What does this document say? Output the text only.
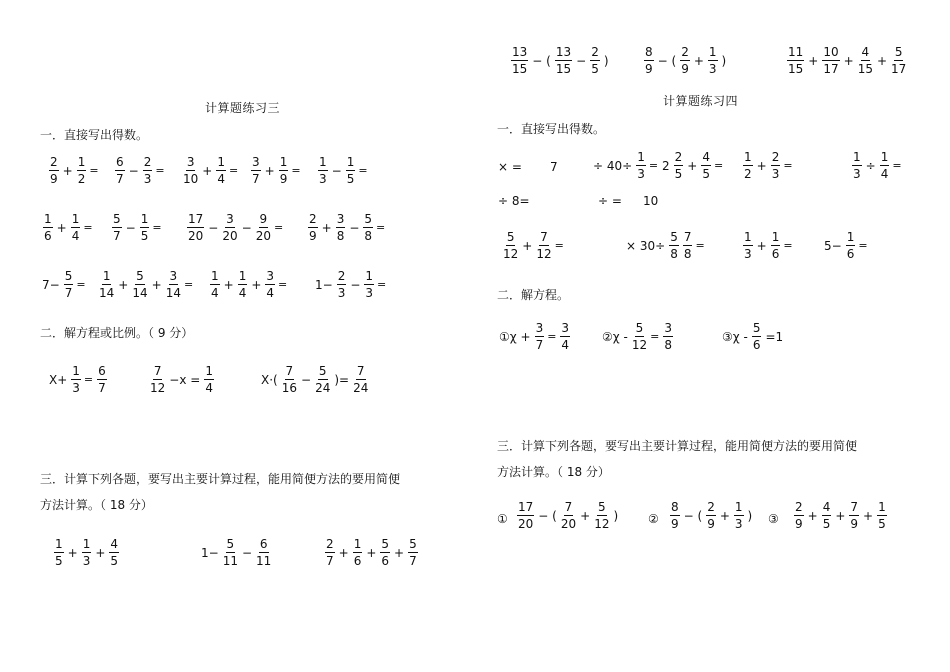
计算题练习三
一．直接写出得数。
二．解方程或比例。（ 9 分）
三．计算下列各题，要写出主要计算过程，能用简便方法的要用简便
方法计算。（ 18 分）
$\frac{2}{9} + \frac{1}{2} = \frac{6}{7} - \frac{2}{3} = \frac{3}{10} + \frac{1}{4} = \frac{3}{7} + \frac{1}{9} = \frac{1}{3} - \frac{1}{5}$ =
$\frac{1}{6} + \frac{1}{4} = \frac{5}{7} - \frac{1}{5} = \frac{17}{20} - \frac{3}{20} - \frac{9}{20} = \frac{2}{9} + \frac{3}{8} - \frac{5}{8}$ =
$7- \frac{5}{7} = \frac{1}{14} + \frac{5}{14} + \frac{3}{14} = \frac{1}{4} + \frac{1}{4} + \frac{3}{4} = 1- \frac{2}{3} - \frac{1}{3}$ =
$X+ \frac{1}{3} = \frac{6}{7}$	$\frac{7}{12} -x = \frac{1}{4}$	$X\cdot( \frac{7}{16} - \frac{5}{24}$ )= $\frac{7}{24}$
$\frac{1}{5} + \frac{1}{3} + \frac{4}{5}$	$1- \frac{5}{11} - \frac{6}{11}$	$\frac{2}{7} + \frac{1}{6} + \frac{5}{6} + \frac{5}{7}$
$\frac{13}{15}$ − ( $\frac{13}{15} - \frac{2}{5}$ )	$\frac{8}{9}$ − ( $\frac{2}{9} + \frac{1}{3}$ )	$\frac{11}{15} + \frac{10}{17} + \frac{4}{15} + \frac{5}{17}$
计算题练习四
一．直接写出得数。
× = 7	÷ $40\div \frac{1}{3} = 2 \frac{2}{5} + \frac{4}{5} = \frac{1}{2} + \frac{2}{3}$ =	$\frac{1}{3} \div \frac{1}{4}$ =
÷ 8=	÷ = 10
$\frac{5}{12} + \frac{7}{12}$ =	× $30\div \frac{5}{8} \frac{7}{8}$ =	$\frac{1}{3} + \frac{1}{6}$ =	$5- \frac{1}{6}$ =
二．解方程。
①χ + $\frac{3}{7} = \frac{3}{4}$	②χ - $\frac{5}{12} = \frac{3}{8}$	③χ - $\frac{5}{6} =1$
三．计算下列各题，要写出主要计算过程，能用简便方法的要用简便
方法计算。（ 18 分）
① $\frac{17}{20}$ − ( $\frac{7}{20} + \frac{5}{12}$ ) ② $\frac{8}{9}$ − ( $\frac{2}{9} + \frac{1}{3}$ ) ③ $\frac{2}{9} + \frac{4}{5} + \frac{7}{9} + \frac{1}{5}$
